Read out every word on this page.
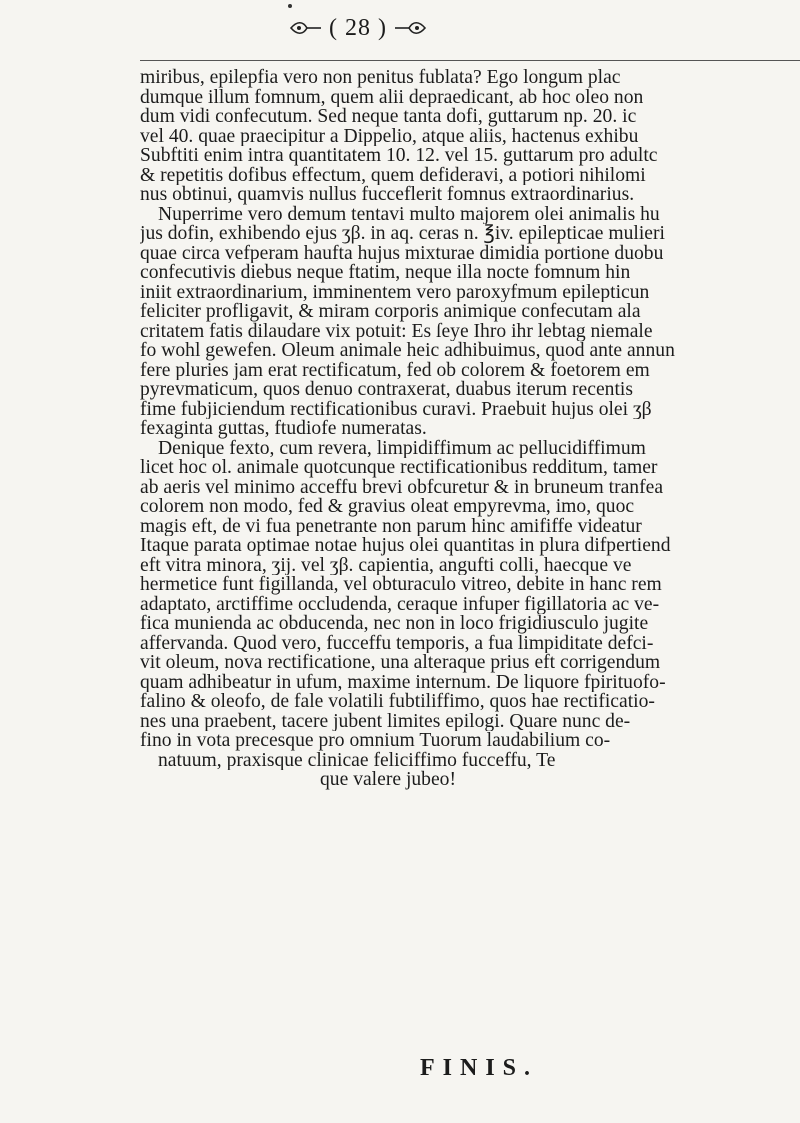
( 28 )
miribus, epilepfia vero non penitus fublata? Ego longum plac
dumque illum fomnum, quem alii depraedicant, ab hoc oleo non
dum vidi confecutum. Sed neque tanta dofi, guttarum np. 20. ic
vel 40. quae praecipitur a Dippelio, atque aliis, hactenus exhibu
Subftiti enim intra quantitatem 10. 12. vel 15. guttarum pro adultc
& repetitis dofibus effectum, quem defideravi, a potiori nihilomi
nus obtinui, quamvis nullus fucceflerit fomnus extraordinarius.
Nuperrime vero demum tentavi multo majorem olei animalis hu
jus dofin, exhibendo ejus ʒβ. in aq. ceras n. ℥iv. epilepticae mulieri
quae circa vefperam haufta hujus mixturae dimidia portione duobu
confecutivis diebus neque ftatim, neque illa nocte fomnum hin
iniit extraordinarium, imminentem vero paroxyfmum epilepticun
feliciter profligavit, & miram corporis animique confecutam ala
critatem fatis dilaudare vix potuit: Es ſeye Ihro ihr lebtag niemale
fo wohl gewefen. Oleum animale heic adhibuimus, quod ante annun
fere pluries jam erat rectificatum, fed ob colorem & foetorem em
pyrevmaticum, quos denuo contraxerat, duabus iterum recentis
fime fubjiciendum rectificationibus curavi. Praebuit hujus olei ʒβ
fexaginta guttas, ftudiofe numeratas.
Denique fexto, cum revera, limpidiffimum ac pellucidiffimum
licet hoc ol. animale quotcunque rectificationibus redditum, tamer
ab aeris vel minimo acceffu brevi obfcuretur & in bruneum tranfea
colorem non modo, fed & gravius oleat empyrevma, imo, quoc
magis eft, de vi fua penetrante non parum hinc amififfe videatur
Itaque parata optimae notae hujus olei quantitas in plura difpertiend
eft vitra minora, ʒij. vel ʒβ. capientia, angufti colli, haecque ve
hermetice funt figillanda, vel obturaculo vitreo, debite in hanc rem
adaptato, arctiffime occludenda, ceraque infuper figillatoria ac ve-
fica munienda ac obducenda, nec non in loco frigidiusculo jugite
affervanda. Quod vero, fucceffu temporis, a fua limpiditate defci-
vit oleum, nova rectificatione, una alteraque prius eft corrigendum
quam adhibeatur in ufum, maxime internum. De liquore fpirituofo-
falino & oleofo, de fale volatili fubtiliffimo, quos hae rectificatio-
nes una praebent, tacere jubent limites epilogi. Quare nunc de-
fino in vota precesque pro omnium Tuorum laudabilium co-
natuum, praxisque clinicae feliciffimo fucceffu, Te
que valere jubeo!
FINIS.
